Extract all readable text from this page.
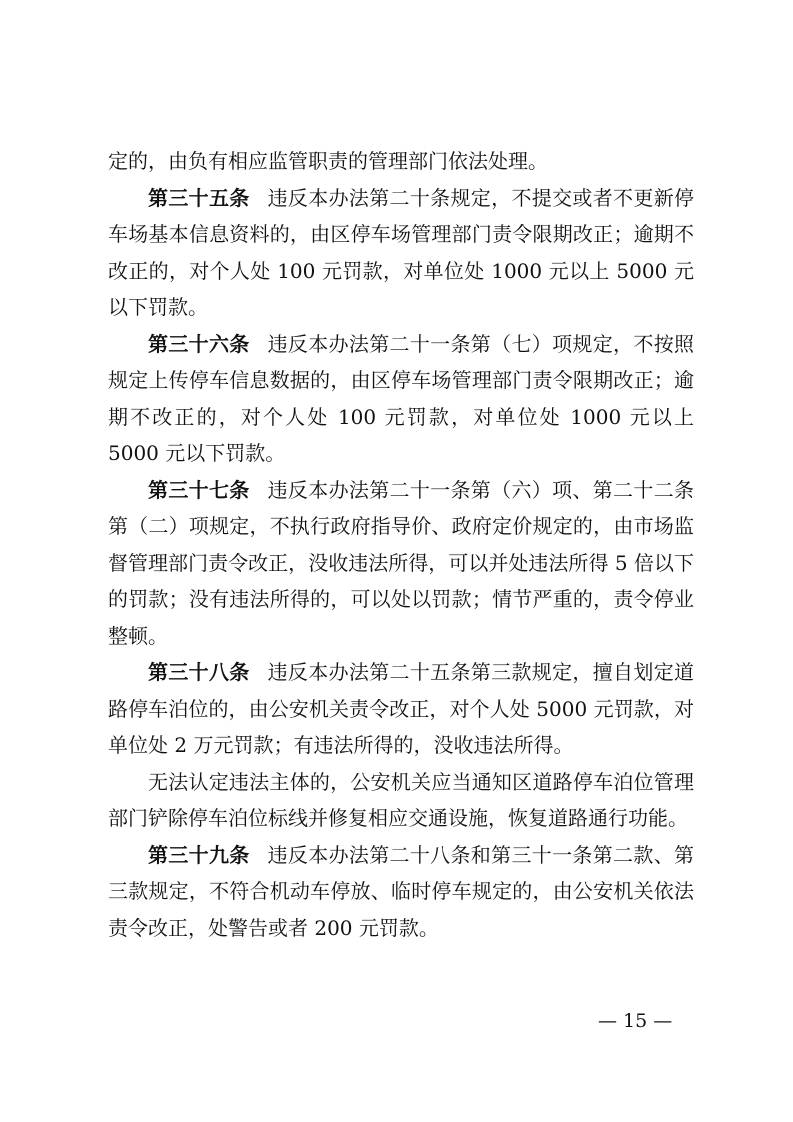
定的，由负有相应监管职责的管理部门依法处理。

第三十五条 违反本办法第二十条规定，不提交或者不更新停车场基本信息资料的，由区停车场管理部门责令限期改正；逾期不改正的，对个人处 100 元罚款，对单位处 1000 元以上 5000 元以下罚款。

第三十六条 违反本办法第二十一条第（七）项规定，不按照规定上传停车信息数据的，由区停车场管理部门责令限期改正；逾期不改正的，对个人处 100 元罚款，对单位处 1000 元以上 5000 元以下罚款。

第三十七条 违反本办法第二十一条第（六）项、第二十二条第（二）项规定，不执行政府指导价、政府定价规定的，由市场监督管理部门责令改正，没收违法所得，可以并处违法所得 5 倍以下的罚款；没有违法所得的，可以处以罚款；情节严重的，责令停业整顿。

第三十八条 违反本办法第二十五条第三款规定，擅自划定道路停车泊位的，由公安机关责令改正，对个人处 5000 元罚款，对单位处 2 万元罚款；有违法所得的，没收违法所得。

无法认定违法主体的，公安机关应当通知区道路停车泊位管理部门铲除停车泊位标线并修复相应交通设施，恢复道路通行功能。

第三十九条 违反本办法第二十八条和第三十一条第二款、第三款规定，不符合机动车停放、临时停车规定的，由公安机关依法责令改正，处警告或者 200 元罚款。

— 15 —
